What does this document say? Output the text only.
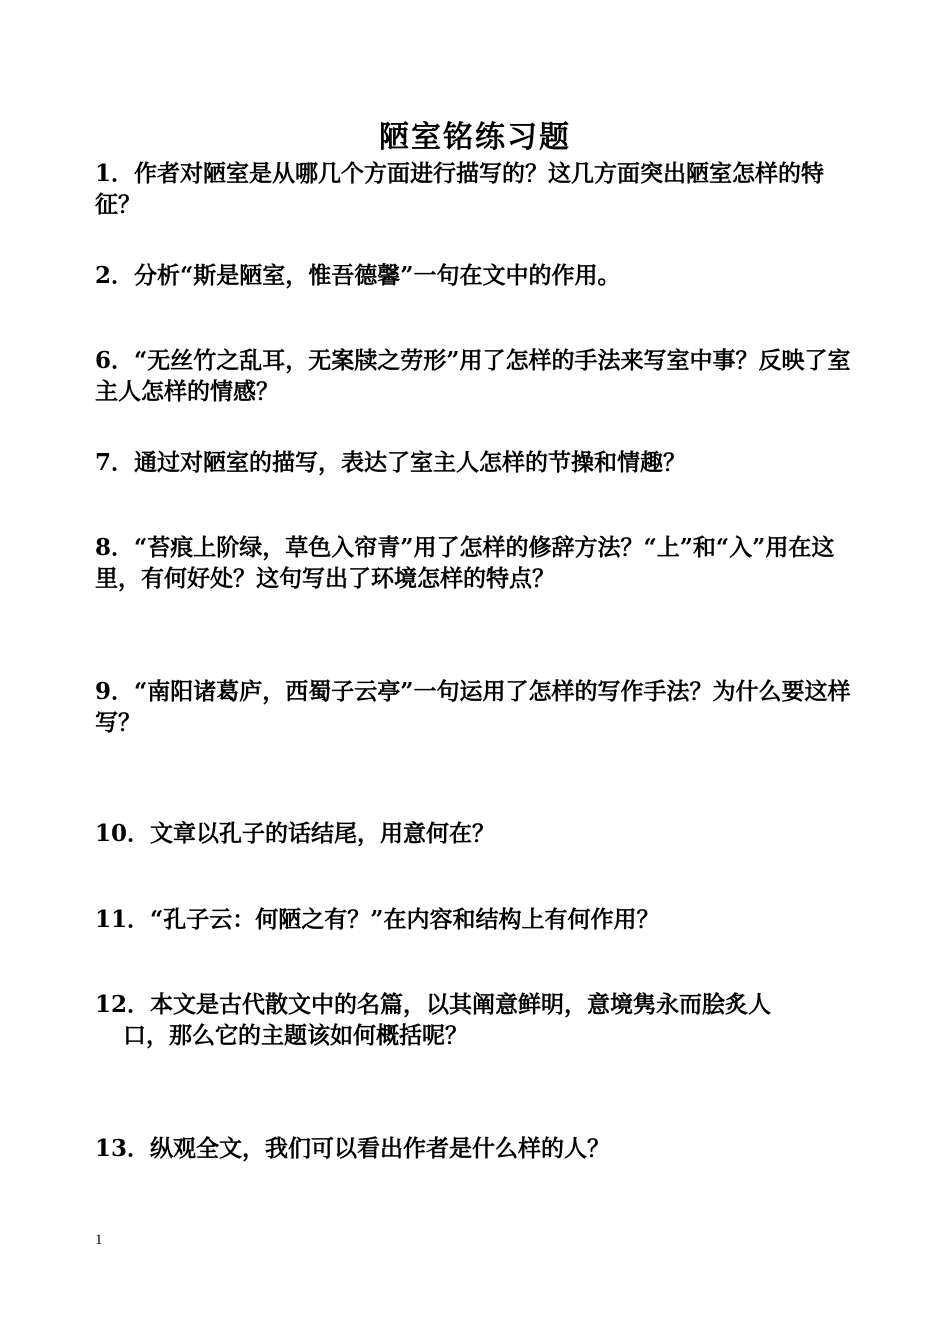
陋室铭练习题
1．作者对陋室是从哪几个方面进行描写的？这几方面突出陋室怎样的特征？
2．分析“斯是陋室，惟吾德馨”一句在文中的作用。
6．“无丝竹之乱耳，无案牍之劳形”用了怎样的手法来写室中事？反映了室主人怎样的情感？
7．通过对陋室的描写，表达了室主人怎样的节操和情趣？
8．“苔痕上阶绿，草色入帘青”用了怎样的修辞方法？“上”和“入”用在这里，有何好处？这句写出了环境怎样的特点？
9．“南阳诸葛庐，西蜀子云亭”一句运用了怎样的写作手法？为什么要这样写？
10．文章以孔子的话结尾，用意何在？
11．“孔子云：何陋之有？”在内容和结构上有何作用？
12．本文是古代散文中的名篇，以其阐意鲜明，意境隽永而脍炙人
口，那么它的主题该如何概括呢？
13．纵观全文，我们可以看出作者是什么样的人？
1
